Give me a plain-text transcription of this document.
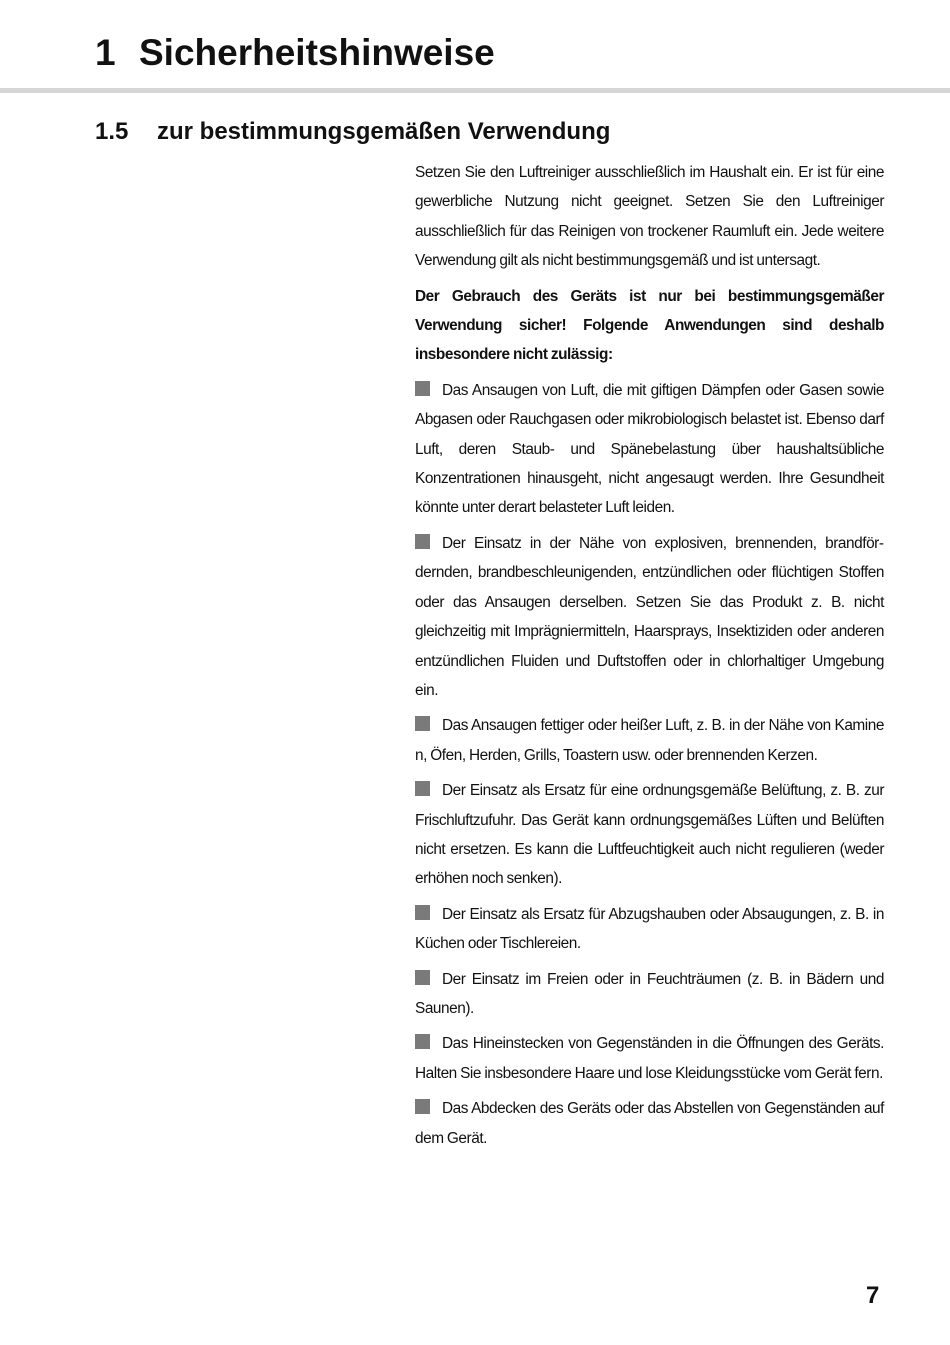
1 Sicherheitshinweise
1.5 zur bestimmungsgemäßen Verwendung

Setzen Sie den Luftreiniger ausschließlich im Haushalt ein. Er ist für eine gewerbliche Nutzung nicht geeignet. Setzen Sie den Luftreiniger ausschließlich für das Reinigen von trockener Raumluft ein. Jede weitere Verwendung gilt als nicht bestimmungsgemäß und ist untersagt.

Der Gebrauch des Geräts ist nur bei bestimmungsgemäßer Verwendung sicher! Folgende Anwendungen sind deshalb insbesondere nicht zulässig:

Das Ansaugen von Luft, die mit giftigen Dämpfen oder Gasen sowie Abgasen oder Rauchgasen oder mikrobiologisch belastet ist. Ebenso darf Luft, deren Staub- und Spänebelastung über haushaltsübliche Konzentrationen hinausgeht, nicht angesaugt werden. Ihre Gesundheit könnte unter derart belasteter Luft leiden.

Der Einsatz in der Nähe von explosiven, brennenden, brandfördernden, brandbeschleunigenden, entzündlichen oder flüchtigen Stoffen oder das Ansaugen derselben. Setzen Sie das Produkt z. B. nicht gleichzeitig mit Imprägniermitteln, Haarsprays, Insektiziden oder anderen entzündlichen Fluiden und Duftstoffen oder in chlorhaltiger Umgebung ein.

Das Ansaugen fettiger oder heißer Luft, z. B. in der Nähe von Kamine n, Öfen, Herden, Grills, Toastern usw. oder brennenden Kerzen.

Der Einsatz als Ersatz für eine ordnungsgemäße Belüftung, z. B. zur Frischluftzufuhr. Das Gerät kann ordnungsgemäßes Lüften und Belüften nicht ersetzen. Es kann die Luftfeuchtigkeit auch nicht regulieren (weder erhöhen noch senken).

Der Einsatz als Ersatz für Abzugshauben oder Absaugungen, z. B. in Küchen oder Tischlereien.

Der Einsatz im Freien oder in Feuchträumen (z. B. in Bädern und Saunen).

Das Hineinstecken von Gegenständen in die Öffnungen des Geräts. Halten Sie insbesondere Haare und lose Kleidungsstücke vom Gerät fern.

Das Abdecken des Geräts oder das Abstellen von Gegenständen auf dem Gerät.

7
